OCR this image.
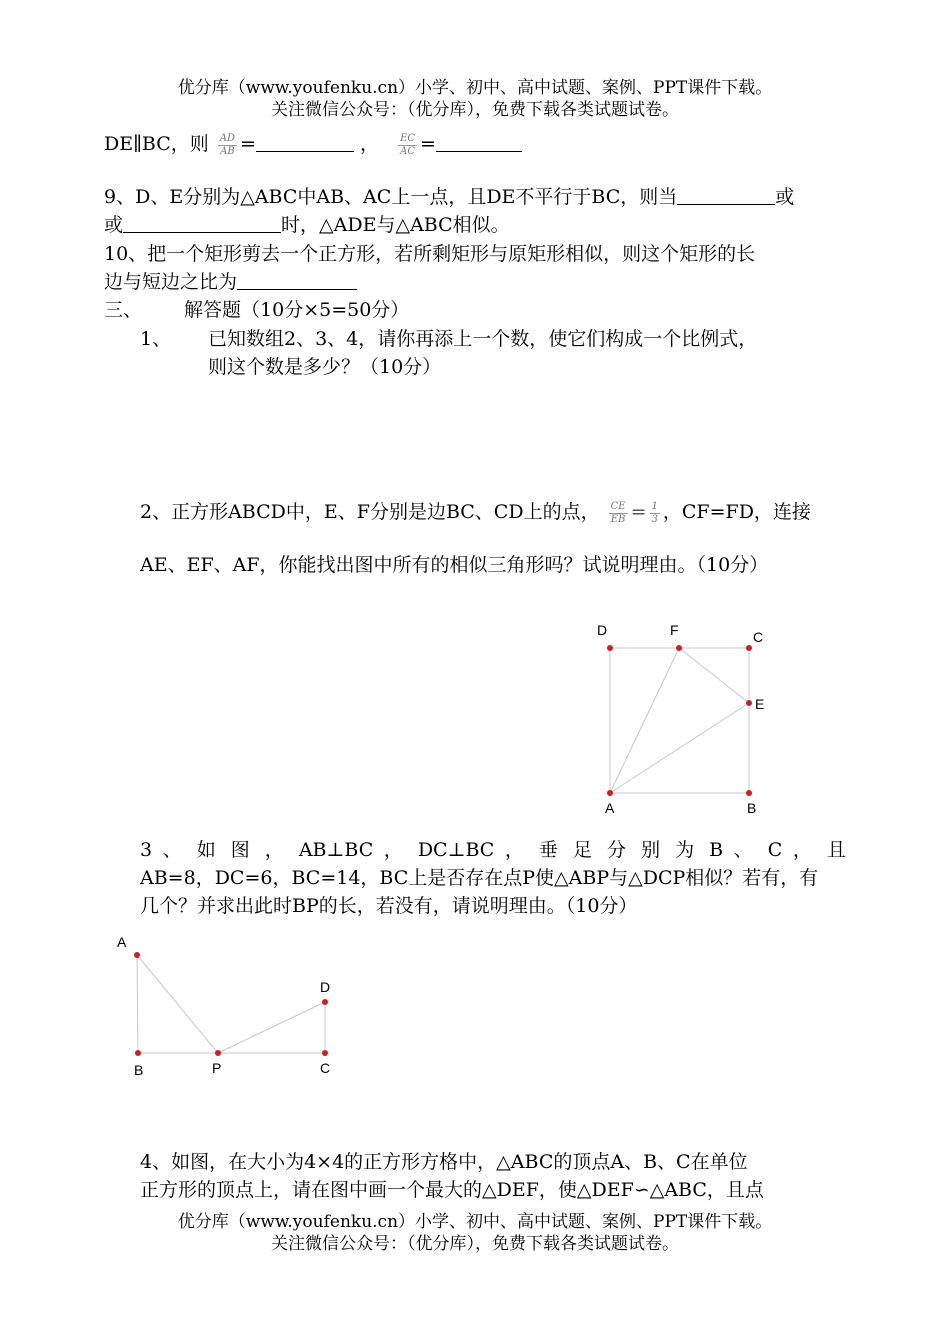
优分库（www.youfenku.cn）小学、初中、高中试题、案例、PPT课件下载。
关注微信公众号：（优分库），免费下载各类试题试卷。
DE∥BC，则 $\frac{AD}{AB}$ =	， $\frac{EC}{AC}$ =
9、D、E分别为△ABC中AB、AC上一点，且DE不平行于BC，则当	或
或	时，△ADE与△ABC相似。
10、把一个矩形剪去一个正方形，若所剩矩形与原矩形相似，则这个矩形的长
边与短边之比为
三、 解答题（10分×5=50分）
1、 已知数组2、3、4，请你再添上一个数，使它们构成一个比例式，
则这个数是多少？（10分）
2、正方形ABCD中，E、F分别是边BC、CD上的点， $\frac{CE}{EB} = \frac{1}{3}$ ，CF=FD，连接
AE、EF、AF，你能找出图中所有的相似三角形吗？试说明理由。（10分）
D	F	C
E
A	B
3 、 如 图 ， AB⊥BC ， DC⊥BC ， 垂 足 分 别 为 B 、 C ， 且
AB=8，DC=6，BC=14，BC上是否存在点P使△ABP与△DCP相似？若有，有
几个？并求出此时BP的长，若没有，请说明理由。（10分）
A
B	P	C
D
4、如图，在大小为4×4的正方形方格中，△ABC的顶点A、B、C在单位
正方形的顶点上，请在图中画一个最大的△DEF，使△DEF∽△ABC，且点
优分库（www.youfenku.cn）小学、初中、高中试题、案例、PPT课件下载。
关注微信公众号：（优分库），免费下载各类试题试卷。
